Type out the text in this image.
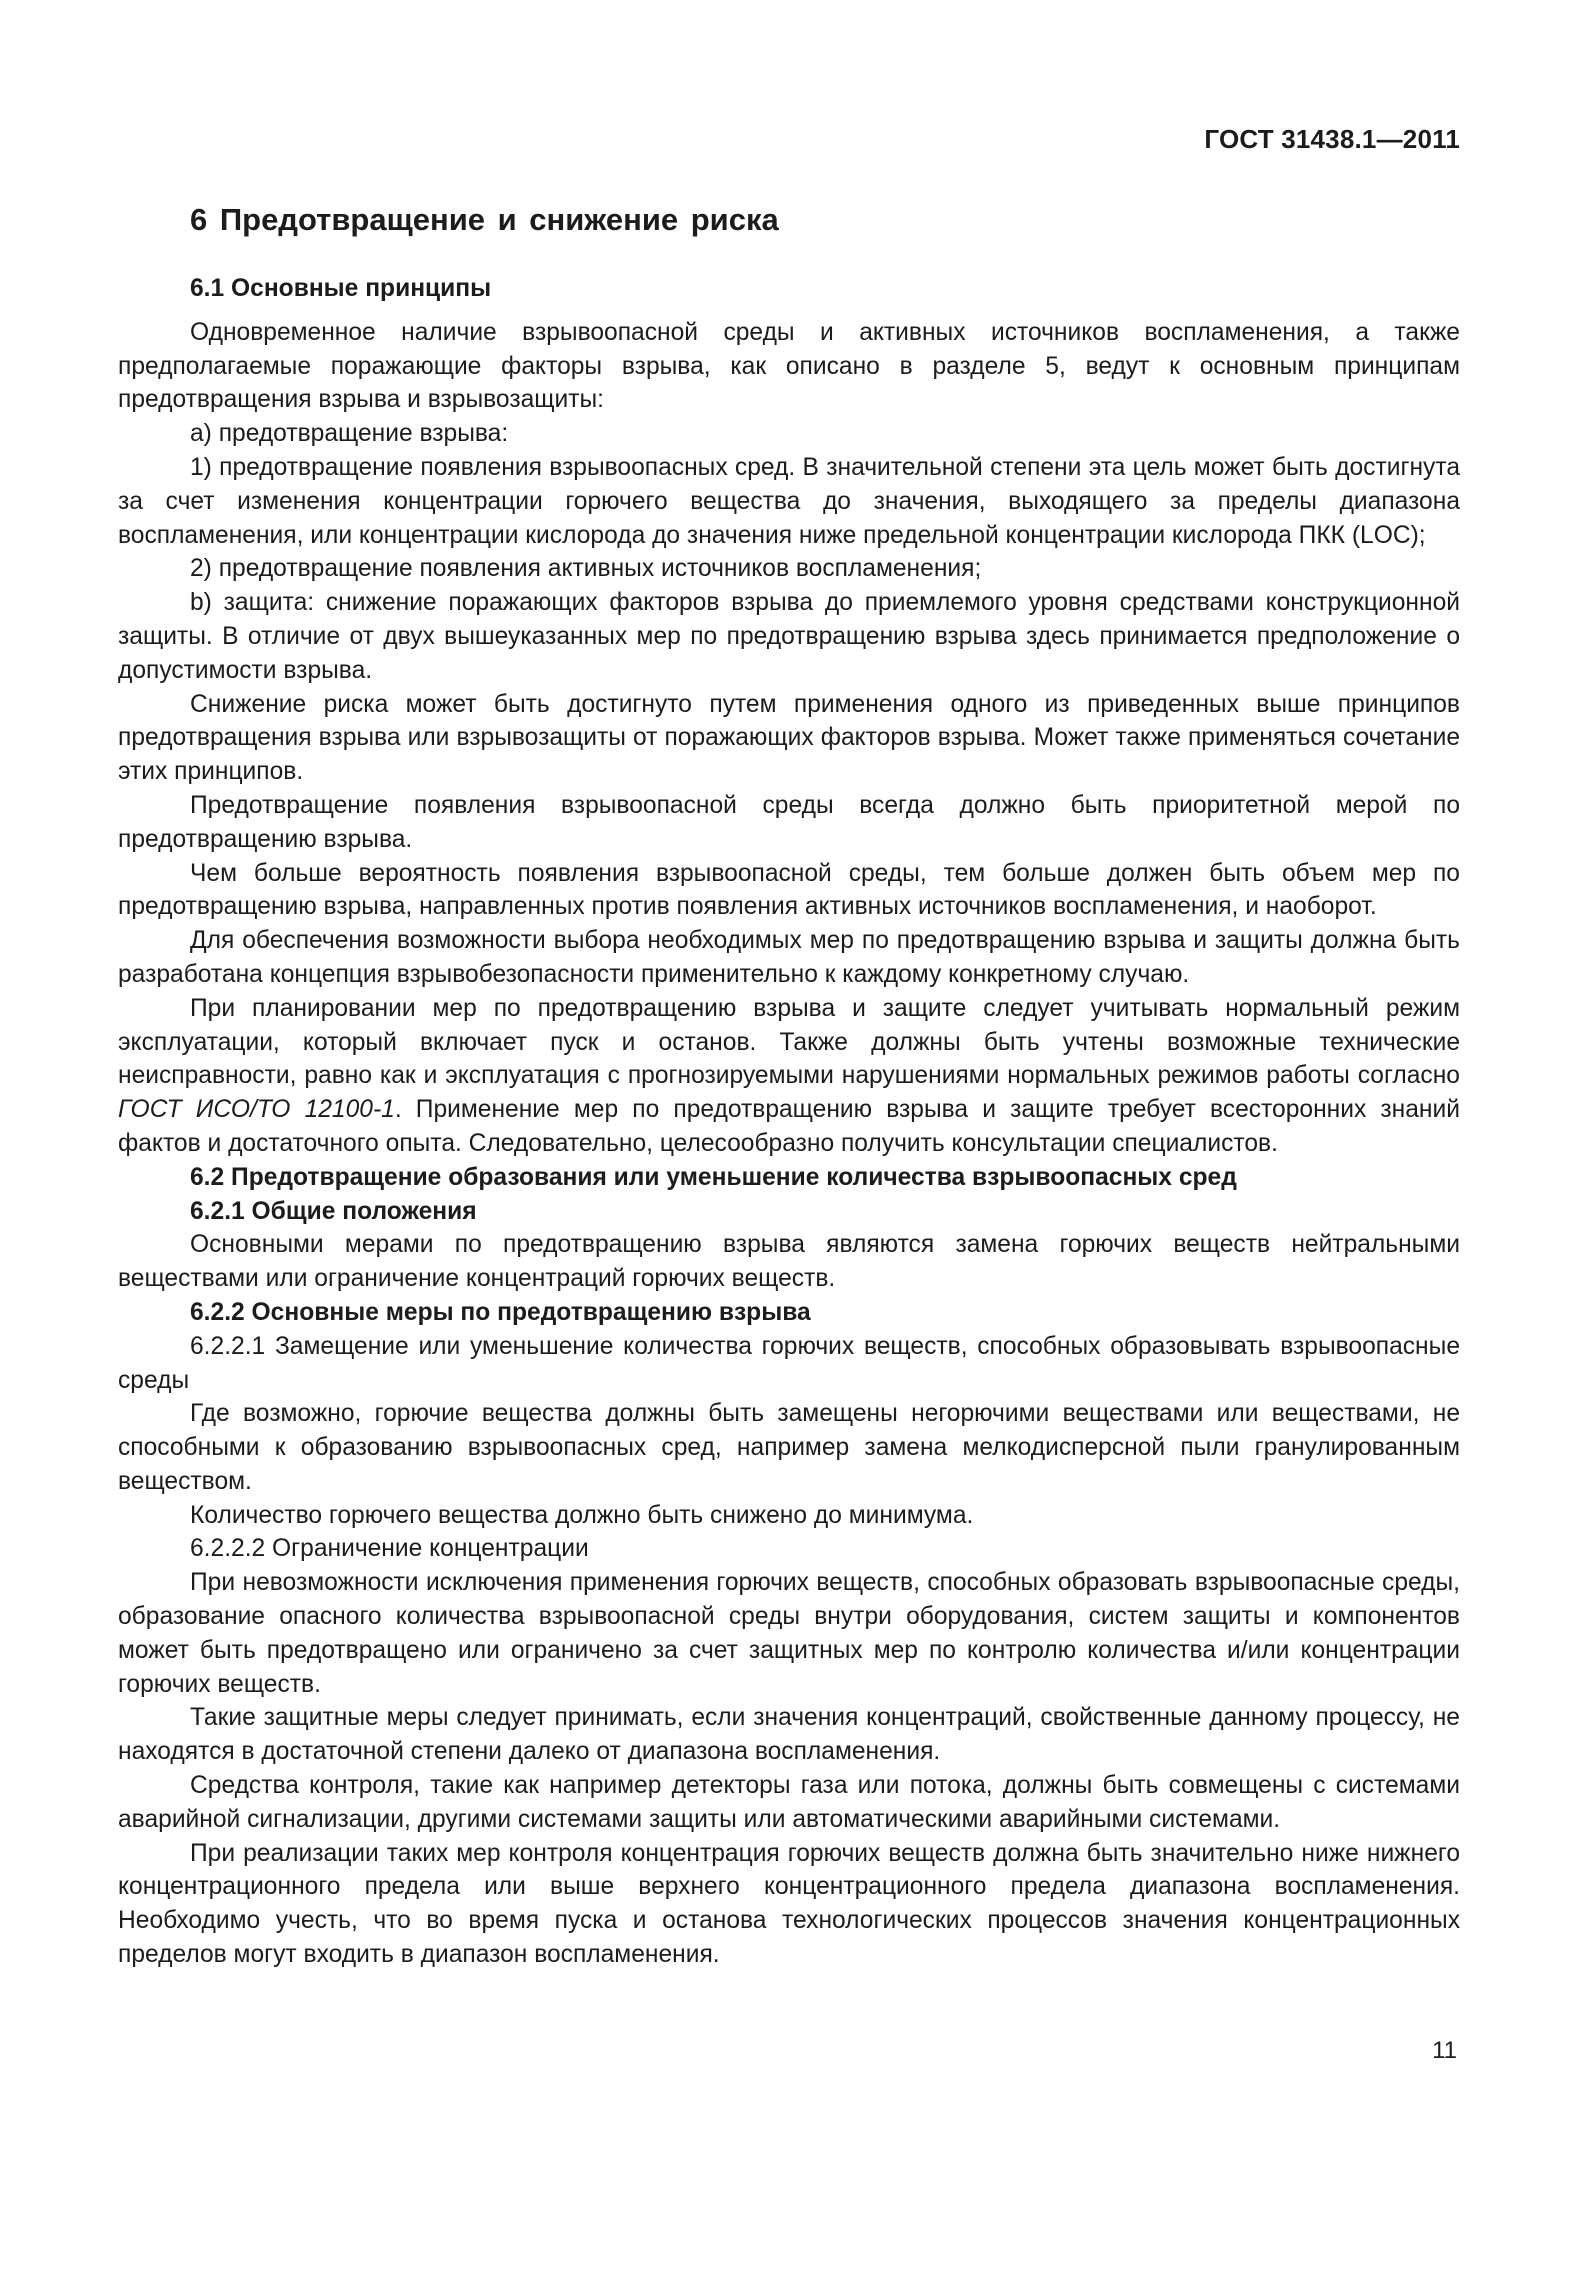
ГОСТ 31438.1—2011
6 Предотвращение и снижение риска
6.1 Основные принципы

Одновременное наличие взрывоопасной среды и активных источников воспламенения, а также предполагаемые поражающие факторы взрыва, как описано в разделе 5, ведут к основным принципам предотвращения взрыва и взрывозащиты:

a) предотвращение взрыва:

1) предотвращение появления взрывоопасных сред. В значительной степени эта цель может быть достигнута за счет изменения концентрации горючего вещества до значения, выходящего за пределы диапазона воспламенения, или концентрации кислорода до значения ниже предельной концентрации кислорода ПКК (LOC);

2) предотвращение появления активных источников воспламенения;

b) защита: снижение поражающих факторов взрыва до приемлемого уровня средствами конструкционной защиты. В отличие от двух вышеуказанных мер по предотвращению взрыва здесь принимается предположение о допустимости взрыва.

Снижение риска может быть достигнуто путем применения одного из приведенных выше принципов предотвращения взрыва или взрывозащиты от поражающих факторов взрыва. Может также применяться сочетание этих принципов.

Предотвращение появления взрывоопасной среды всегда должно быть приоритетной мерой по предотвращению взрыва.

Чем больше вероятность появления взрывоопасной среды, тем больше должен быть объем мер по предотвращению взрыва, направленных против появления активных источников воспламенения, и наоборот.

Для обеспечения возможности выбора необходимых мер по предотвращению взрыва и защиты должна быть разработана концепция взрывобезопасности применительно к каждому конкретному случаю.

При планировании мер по предотвращению взрыва и защите следует учитывать нормальный режим эксплуатации, который включает пуск и останов. Также должны быть учтены возможные технические неисправности, равно как и эксплуатация с прогнозируемыми нарушениями нормальных режимов работы согласно ГОСТ ИСО/ТО 12100-1. Применение мер по предотвращению взрыва и защите требует всесторонних знаний фактов и достаточного опыта. Следовательно, целесообразно получить консультации специалистов.

6.2 Предотвращение образования или уменьшение количества взрывоопасных сред
6.2.1 Общие положения

Основными мерами по предотвращению взрыва являются замена горючих веществ нейтральными веществами или ограничение концентраций горючих веществ.

6.2.2 Основные меры по предотвращению взрыва

6.2.2.1 Замещение или уменьшение количества горючих веществ, способных образовывать взрывоопасные среды

Где возможно, горючие вещества должны быть замещены негорючими веществами или веществами, не способными к образованию взрывоопасных сред, например замена мелкодисперсной пыли гранулированным веществом.

Количество горючего вещества должно быть снижено до минимума.

6.2.2.2 Ограничение концентрации

При невозможности исключения применения горючих веществ, способных образовать взрывоопасные среды, образование опасного количества взрывоопасной среды внутри оборудования, систем защиты и компонентов может быть предотвращено или ограничено за счет защитных мер по контролю количества и/или концентрации горючих веществ.

Такие защитные меры следует принимать, если значения концентраций, свойственные данному процессу, не находятся в достаточной степени далеко от диапазона воспламенения.

Средства контроля, такие как например детекторы газа или потока, должны быть совмещены с системами аварийной сигнализации, другими системами защиты или автоматическими аварийными системами.

При реализации таких мер контроля концентрация горючих веществ должна быть значительно ниже нижнего концентрационного предела или выше верхнего концентрационного предела диапазона воспламенения. Необходимо учесть, что во время пуска и останова технологических процессов значения концентрационных пределов могут входить в диапазон воспламенения.

11
